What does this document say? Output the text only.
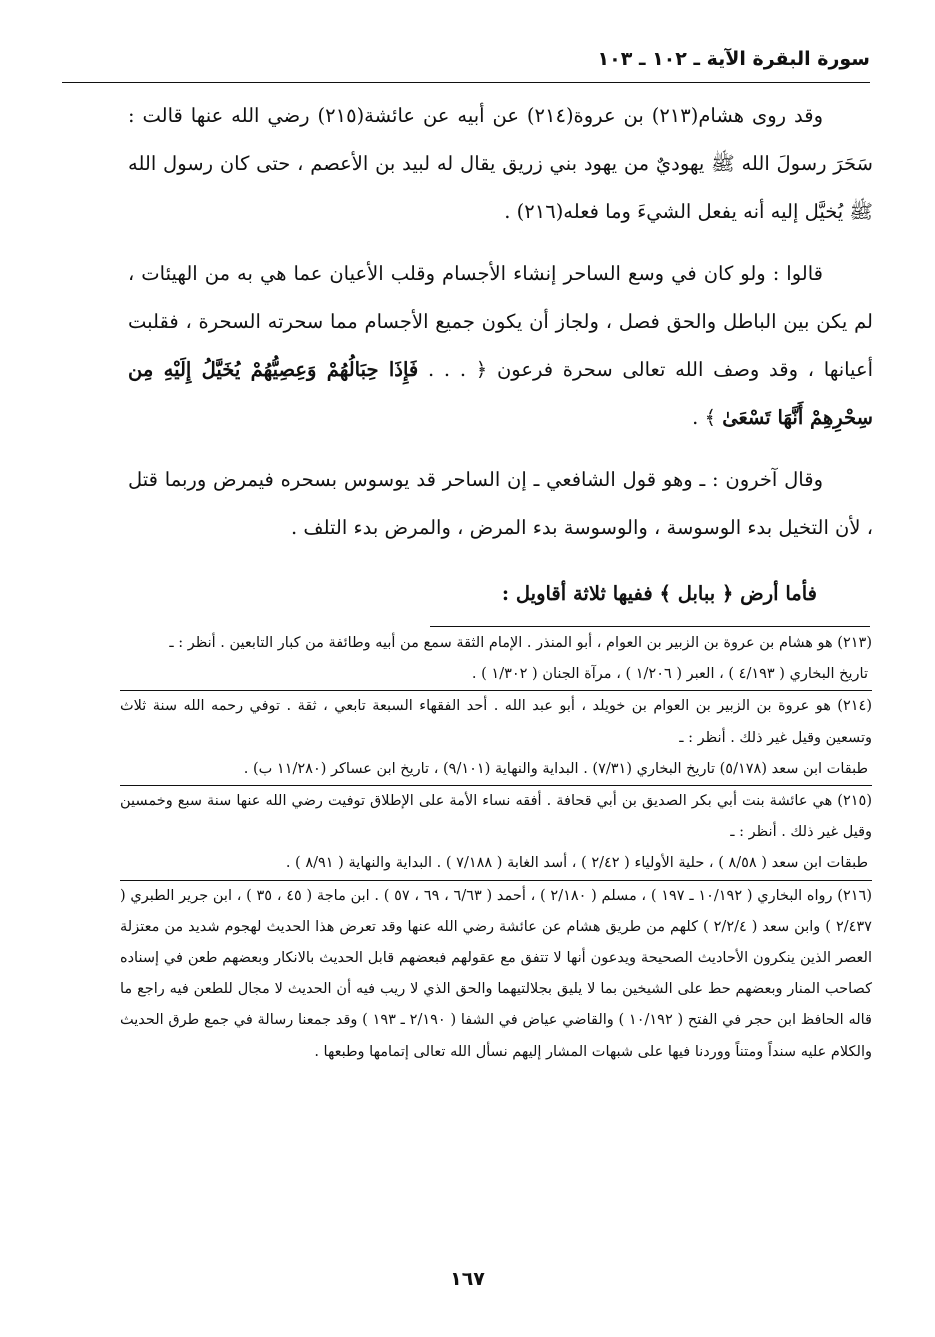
سورة البقرة الآية ـ ١٠٢ ـ ١٠٣

وقد روى هشام(٢١٣) بن عروة(٢١٤) عن أبيه عن عائشة(٢١٥) رضي الله عنها قالت : سَحَرَ رسولَ الله ﷺ يهوديٌ من يهود بني زريق يقال له لبيد بن الأعصم ، حتى كان رسول الله ﷺ يُخيَّل إليه أنه يفعل الشيءَ وما فعله(٢١٦) .

قالوا : ولو كان في وسع الساحر إنشاء الأجسام وقلب الأعيان عما هي به من الهيئات ، لم يكن بين الباطل والحق فصل ، ولجاز أن يكون جميع الأجسام مما سحرته السحرة ، فقلبت أعيانها ، وقد وصف الله تعالى سحرة فرعون ﴿ . . . فَإِذَا حِبَالُهُمْ وَعِصِيُّهُمْ يُخَيَّلُ إِلَيْهِ مِن سِحْرِهِمْ أَنَّهَا تَسْعَىٰ ﴾ .

وقال آخرون : ـ وهو قول الشافعي ـ إن الساحر قد يوسوس بسحره فيمرض وربما قتل ، لأن التخيل بدء الوسوسة ، والوسوسة بدء المرض ، والمرض بدء التلف .

فأما أرض ﴿ ببابل ﴾ ففيها ثلاثة أقاويل :

(٢١٣) هو هشام بن عروة بن الزبير بن العوام ، أبو المنذر . الإمام الثقة سمع من أبيه وطائفة من كبار التابعين . أنظر : ـ

تاريخ البخاري ( ٤/١٩٣ ) ، العبر ( ١/٢٠٦ ) ، مرآة الجنان ( ١/٣٠٢ ) .

(٢١٤) هو عروة بن الزبير بن العوام بن خويلد ، أبو عبد الله . أحد الفقهاء السبعة تابعي ، ثقة . توفي رحمه الله سنة ثلاث وتسعين وقيل غير ذلك . أنظر : ـ

طبقات ابن سعد (٥/١٧٨) تاريخ البخاري (٧/٣١) . البداية والنهاية (٩/١٠١) ، تاريخ ابن عساكر (١١/٢٨٠ ب) .

(٢١٥) هي عائشة بنت أبي بكر الصديق بن أبي قحافة . أفقه نساء الأمة على الإطلاق توفيت رضي الله عنها سنة سبع وخمسين وقيل غير ذلك . أنظر : ـ

طبقات ابن سعد ( ٨/٥٨ ) ، حلية الأولياء ( ٢/٤٢ ) ، أسد الغابة ( ٧/١٨٨ ) . البداية والنهاية ( ٨/٩١ ) .

(٢١٦) رواه البخاري ( ١٠/١٩٢ ـ ١٩٧ ) ، مسلم ( ٢/١٨٠ ) ، أحمد ( ٦/٦٣ ، ٦٩ ، ٥٧ ) . ابن ماجة ( ٤٥ ، ٣٥ ) ، ابن جرير الطبري ( ٢/٤٣٧ ) وابن سعد ( ٢/٢/٤ ) كلهم من طريق هشام عن عائشة رضي الله عنها وقد تعرض هذا الحديث لهجوم شديد من معتزلة العصر الذين ينكرون الأحاديث الصحيحة ويدعون أنها لا تتفق مع عقولهم فبعضهم قابل الحديث بالانكار وبعضهم طعن في إسناده كصاحب المنار وبعضهم حط على الشيخين بما لا يليق بجلالتيهما والحق الذي لا ريب فيه أن الحديث لا مجال للطعن فيه راجع ما قاله الحافظ ابن حجر في الفتح ( ١٠/١٩٢ ) والقاضي عياض في الشفا ( ٢/١٩٠ ـ ١٩٣ ) وقد جمعنا رسالة في جمع طرق الحديث والكلام عليه سنداً ومتناً ووردنا فيها على شبهات المشار إليهم نسأل الله تعالى إتمامها وطبعها .

١٦٧
